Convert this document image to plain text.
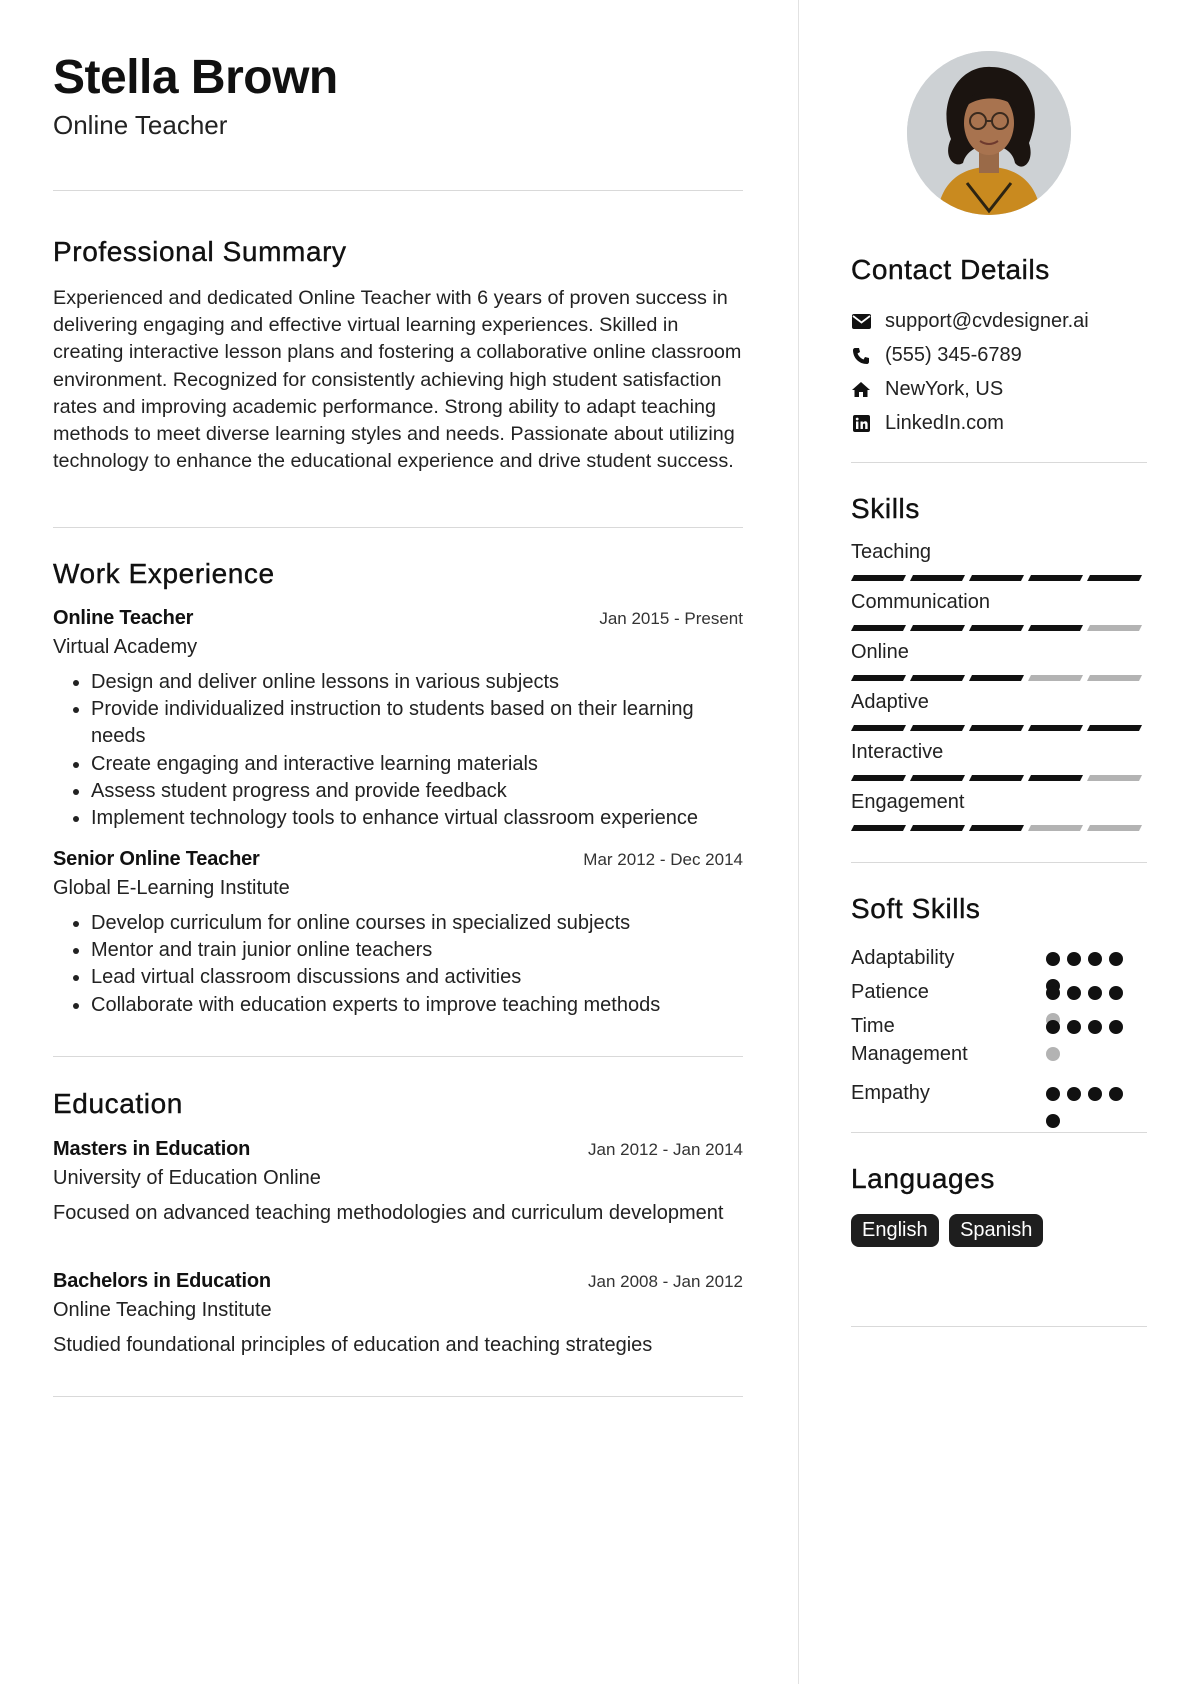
Stella Brown
Online Teacher
Professional Summary

Experienced and dedicated Online Teacher with 6 years of proven success in delivering engaging and effective virtual learning experiences. Skilled in creating interactive lesson plans and fostering a collaborative online classroom environment. Recognized for consistently achieving high student satisfaction rates and improving academic performance. Strong ability to adapt teaching methods to meet diverse learning styles and needs. Passionate about utilizing technology to enhance the educational experience and drive student success.

Work Experience
Online Teacher	Jan 2015 - Present
Virtual Academy
• Design and deliver online lessons in various subjects
• Provide individualized instruction to students based on their learning needs
• Create engaging and interactive learning materials
• Assess student progress and provide feedback
• Implement technology tools to enhance virtual classroom experience
Senior Online Teacher	Mar 2012 - Dec 2014
Global E-Learning Institute
• Develop curriculum for online courses in specialized subjects
• Mentor and train junior online teachers
• Lead virtual classroom discussions and activities
• Collaborate with education experts to improve teaching methods
Education
Masters in Education	Jan 2012 - Jan 2014
University of Education Online
Focused on advanced teaching methodologies and curriculum development
Bachelors in Education	Jan 2008 - Jan 2012
Online Teaching Institute
Studied foundational principles of education and teaching strategies
Contact Details
support@cvdesigner.ai
(555) 345-6789
NewYork, US
LinkedIn.com
Skills
Teaching
Communication
Online
Adaptive
Interactive
Engagement
Soft Skills
Adaptability
Patience
Time Management
Empathy
Languages
English Spanish
